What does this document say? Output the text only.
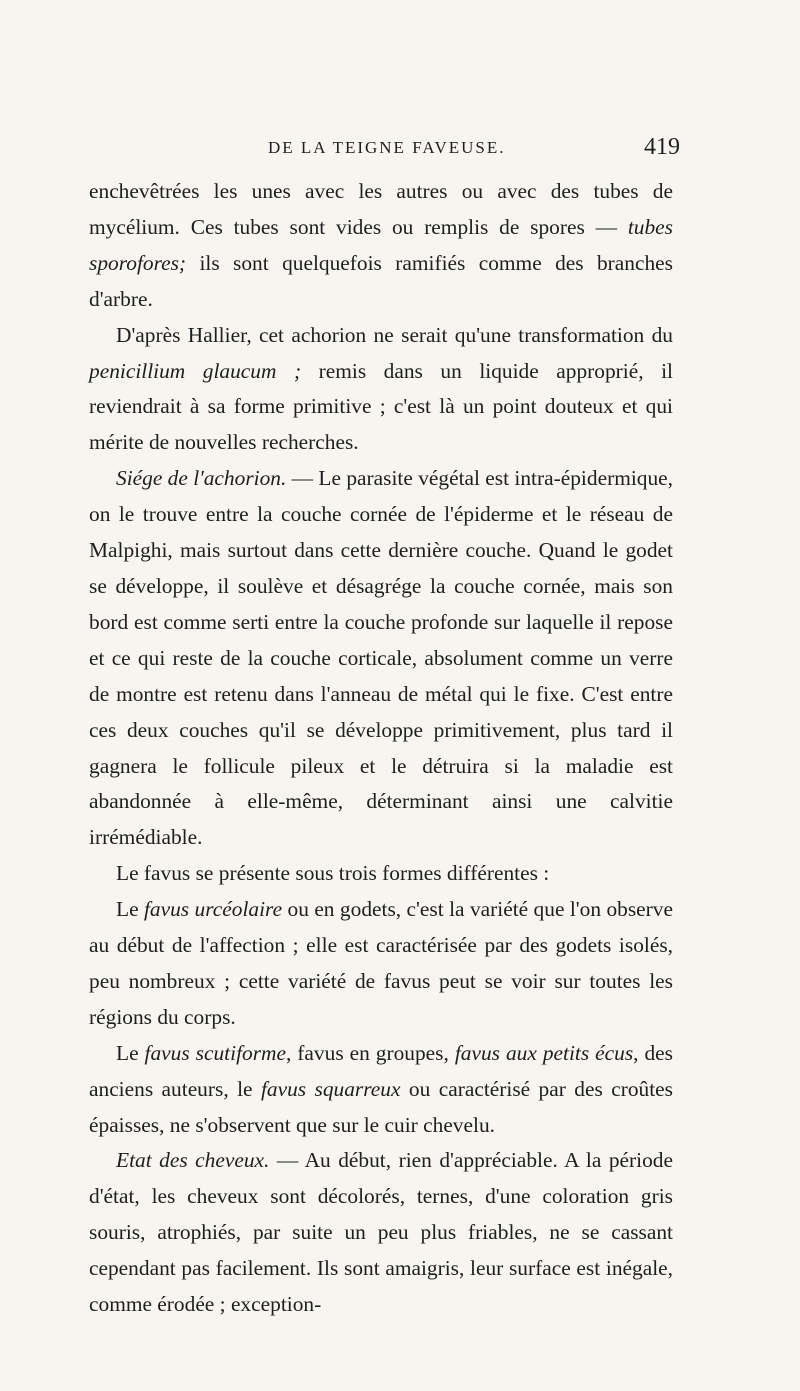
DE LA TEIGNE FAVEUSE.	419

enchevêtrées les unes avec les autres ou avec des tubes de mycélium. Ces tubes sont vides ou remplis de spores — tubes sporofores; ils sont quelquefois ramifiés comme des branches d'arbre.

D'après Hallier, cet achorion ne serait qu'une transformation du penicillium glaucum ; remis dans un liquide approprié, il reviendrait à sa forme primitive ; c'est là un point douteux et qui mérite de nouvelles recherches.

Siége de l'achorion. — Le parasite végétal est intra-épidermique, on le trouve entre la couche cornée de l'épiderme et le réseau de Malpighi, mais surtout dans cette dernière couche. Quand le godet se développe, il soulève et désagrége la couche cornée, mais son bord est comme serti entre la couche profonde sur laquelle il repose et ce qui reste de la couche corticale, absolument comme un verre de montre est retenu dans l'anneau de métal qui le fixe. C'est entre ces deux couches qu'il se développe primitivement, plus tard il gagnera le follicule pileux et le détruira si la maladie est abandonnée à elle-même, déterminant ainsi une calvitie irrémédiable.

Le favus se présente sous trois formes différentes :

Le favus urcéolaire ou en godets, c'est la variété que l'on observe au début de l'affection ; elle est caractérisée par des godets isolés, peu nombreux ; cette variété de favus peut se voir sur toutes les régions du corps.

Le favus scutiforme, favus en groupes, favus aux petits écus, des anciens auteurs, le favus squarreux ou caractérisé par des croûtes épaisses, ne s'observent que sur le cuir chevelu.

Etat des cheveux. — Au début, rien d'appréciable. A la période d'état, les cheveux sont décolorés, ternes, d'une coloration gris souris, atrophiés, par suite un peu plus friables, ne se cassant cependant pas facilement. Ils sont amaigris, leur surface est inégale, comme érodée ; exception-
